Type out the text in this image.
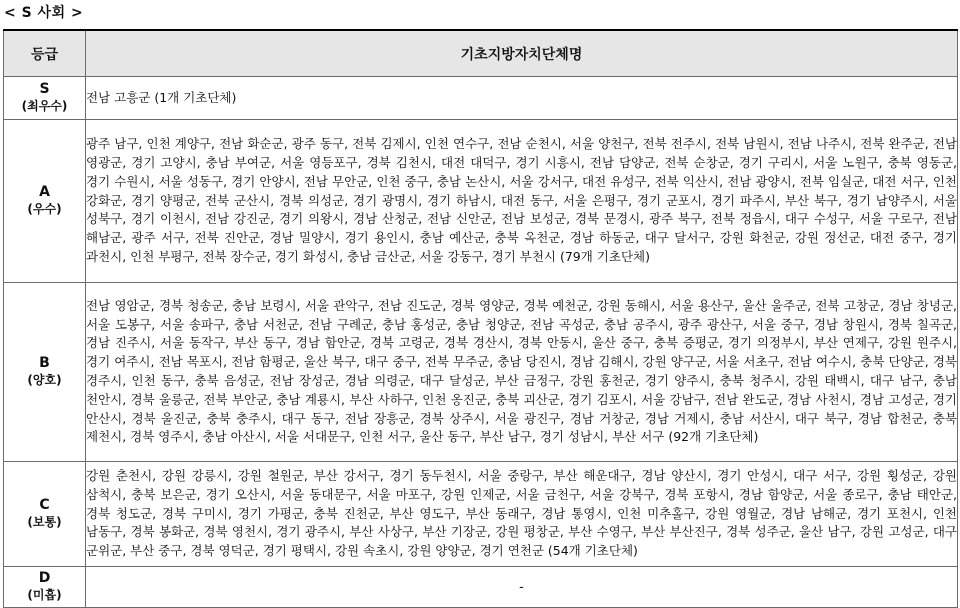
< S 사회 >
등급	기초지방자치단체명

S
(최우수)	전남 고흥군 (1개 기초단체)

A
(우수)	광주 남구, 인천 계양구, 전남 화순군, 광주 동구, 전북 김제시, 인천 연수구, 전남 순천시, 서울 양천구, 전북 전주시, 전북 남원시, 전남 나주시, 전북 완주군, 전남 영광군, 경기 고양시, 충남 부여군, 서울 영등포구, 경북 김천시, 대전 대덕구, 경기 시흥시, 전남 담양군, 전북 순창군, 경기 구리시, 서울 노원구, 충북 영동군, 경기 수원시, 서울 성동구, 경기 안양시, 전남 무안군, 인천 중구, 충남 논산시, 서울 강서구, 대전 유성구, 전북 익산시, 전남 광양시, 전북 임실군, 대전 서구, 인천 강화군, 경기 양평군, 전북 군산시, 경북 의성군, 경기 광명시, 경기 하남시, 대전 동구, 서울 은평구, 경기 군포시, 경기 파주시, 부산 북구, 경기 남양주시, 서울 성북구, 경기 이천시, 전남 강진군, 경기 의왕시, 경남 산청군, 전남 신안군, 전남 보성군, 경북 문경시, 광주 북구, 전북 정읍시, 대구 수성구, 서울 구로구, 전남 해남군, 광주 서구, 전북 진안군, 경남 밀양시, 경기 용인시, 충남 예산군, 충북 옥천군, 경남 하동군, 대구 달서구, 강원 화천군, 강원 정선군, 대전 중구, 경기 과천시, 인천 부평구, 전북 장수군, 경기 화성시, 충남 금산군, 서울 강동구, 경기 부천시 (79개 기초단체)

B
(양호)	전남 영암군, 경북 청송군, 충남 보령시, 서울 관악구, 전남 진도군, 경북 영양군, 경북 예천군, 강원 동해시, 서울 용산구, 울산 울주군, 전북 고창군, 경남 창녕군, 서울 도봉구, 서울 송파구, 충남 서천군, 전남 구례군, 충남 홍성군, 충남 청양군, 전남 곡성군, 충남 공주시, 광주 광산구, 서울 중구, 경남 창원시, 경북 칠곡군, 경남 진주시, 서울 동작구, 부산 동구, 경남 함안군, 경북 고령군, 경북 경산시, 경북 안동시, 울산 중구, 충북 증평군, 경기 의정부시, 부산 연제구, 강원 원주시, 경기 여주시, 전남 목포시, 전남 함평군, 울산 북구, 대구 중구, 전북 무주군, 충남 당진시, 경남 김해시, 강원 양구군, 서울 서초구, 전남 여수시, 충북 단양군, 경북 경주시, 인천 동구, 충북 음성군, 전남 장성군, 경남 의령군, 대구 달성군, 부산 금정구, 강원 홍천군, 경기 양주시, 충북 청주시, 강원 태백시, 대구 남구, 충남 천안시, 경북 울릉군, 전북 부안군, 충남 계룡시, 부산 사하구, 인천 옹진군, 충북 괴산군, 경기 김포시, 서울 강남구, 전남 완도군, 경남 사천시, 경남 고성군, 경기 안산시, 경북 울진군, 충북 충주시, 대구 동구, 전남 장흥군, 경북 상주시, 서울 광진구, 경남 거창군, 경남 거제시, 충남 서산시, 대구 북구, 경남 합천군, 충북 제천시, 경북 영주시, 충남 아산시, 서울 서대문구, 인천 서구, 울산 동구, 부산 남구, 경기 성남시, 부산 서구 (92개 기초단체)

C
(보통)	강원 춘천시, 강원 강릉시, 강원 철원군, 부산 강서구, 경기 동두천시, 서울 중랑구, 부산 해운대구, 경남 양산시, 경기 안성시, 대구 서구, 강원 횡성군, 강원 삼척시, 충북 보은군, 경기 오산시, 서울 동대문구, 서울 마포구, 강원 인제군, 서울 금천구, 서울 강북구, 경북 포항시, 경남 함양군, 서울 종로구, 충남 태안군, 경북 청도군, 경북 구미시, 경기 가평군, 충북 진천군, 부산 영도구, 부산 동래구, 경남 통영시, 인천 미추홀구, 강원 영월군, 경남 남해군, 경기 포천시, 인천 남동구, 경북 봉화군, 경북 영천시, 경기 광주시, 부산 사상구, 부산 기장군, 강원 평창군, 부산 수영구, 부산 부산진구, 경북 성주군, 울산 남구, 강원 고성군, 대구 군위군, 부산 중구, 경북 영덕군, 경기 평택시, 강원 속초시, 강원 양양군, 경기 연천군 (54개 기초단체)

D
(미흡)	-
